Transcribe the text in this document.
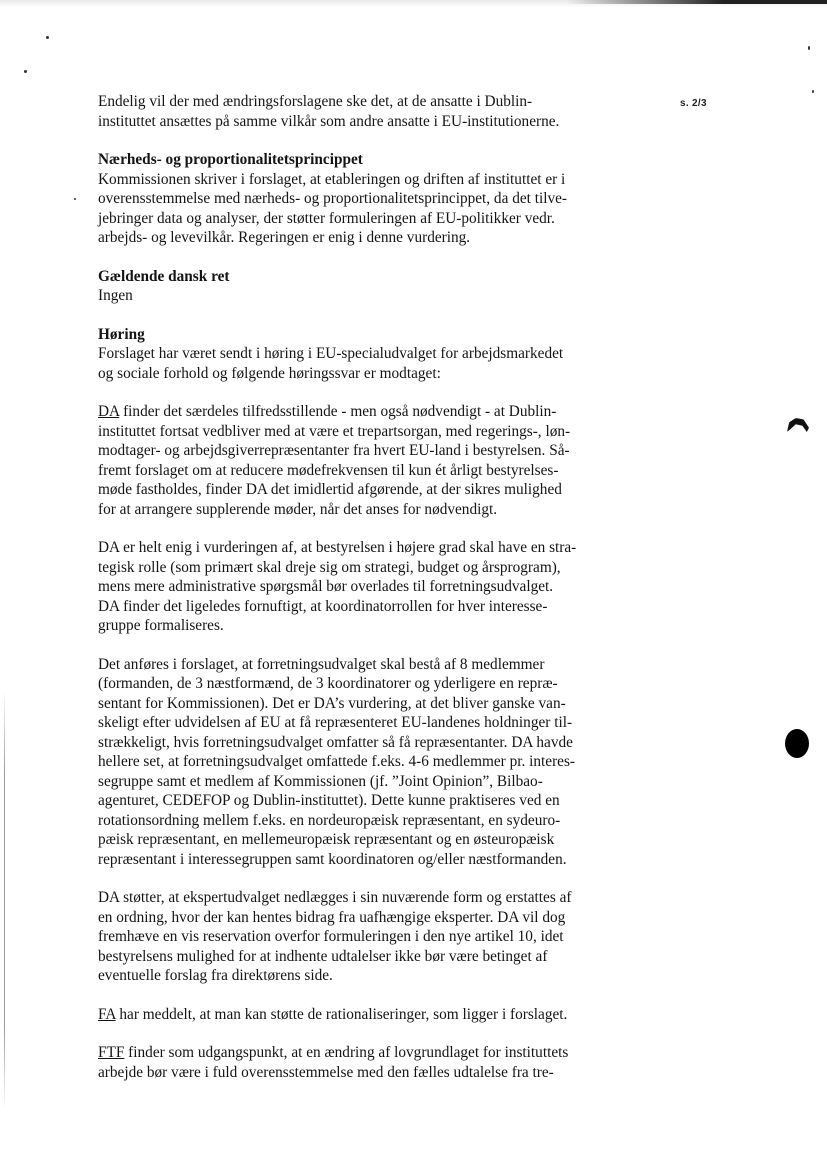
s. 2/3
Endelig vil der med ændringsforslagene ske det, at de ansatte i Dublin-
instituttet ansættes på samme vilkår som andre ansatte i EU-institutionerne.
Nærheds- og proportionalitetsprincippet
Kommissionen skriver i forslaget, at etableringen og driften af instituttet er i
overensstemmelse med nærheds- og proportionalitetsprincippet, da det tilve-
jebringer data og analyser, der støtter formuleringen af EU-politikker vedr.
arbejds- og levevilkår. Regeringen er enig i denne vurdering.
Gældende dansk ret
Ingen
Høring
Forslaget har været sendt i høring i EU-specialudvalget for arbejdsmarkedet
og sociale forhold og følgende høringssvar er modtaget:
DA finder det særdeles tilfredsstillende - men også nødvendigt - at Dublin-
instituttet fortsat vedbliver med at være et trepartsorgan, med regerings-, løn-
modtager- og arbejdsgiverrepræsentanter fra hvert EU-land i bestyrelsen. Så-
fremt forslaget om at reducere mødefrekvensen til kun ét årligt bestyrelses-
møde fastholdes, finder DA det imidlertid afgørende, at der sikres mulighed
for at arrangere supplerende møder, når det anses for nødvendigt.
DA er helt enig i vurderingen af, at bestyrelsen i højere grad skal have en stra-
tegisk rolle (som primært skal dreje sig om strategi, budget og årsprogram),
mens mere administrative spørgsmål bør overlades til forretningsudvalget.
DA finder det ligeledes fornuftigt, at koordinatorrollen for hver interesse-
gruppe formaliseres.
Det anføres i forslaget, at forretningsudvalget skal bestå af 8 medlemmer
(formanden, de 3 næstformænd, de 3 koordinatorer og yderligere en repræ-
sentant for Kommissionen). Det er DA’s vurdering, at det bliver ganske van-
skeligt efter udvidelsen af EU at få repræsenteret EU-landenes holdninger til-
strækkeligt, hvis forretningsudvalget omfatter så få repræsentanter. DA havde
hellere set, at forretningsudvalget omfattede f.eks. 4-6 medlemmer pr. interes-
segruppe samt et medlem af Kommissionen (jf. ”Joint Opinion”, Bilbao-
agenturet, CEDEFOP og Dublin-instituttet). Dette kunne praktiseres ved en
rotationsordning mellem f.eks. en nordeuropæisk repræsentant, en sydeuro-
pæisk repræsentant, en mellemeuropæisk repræsentant og en østeuropæisk
repræsentant i interessegruppen samt koordinatoren og/eller næstformanden.
DA støtter, at ekspertudvalget nedlægges i sin nuværende form og erstattes af
en ordning, hvor der kan hentes bidrag fra uafhængige eksperter. DA vil dog
fremhæve en vis reservation overfor formuleringen i den nye artikel 10, idet
bestyrelsens mulighed for at indhente udtalelser ikke bør være betinget af
eventuelle forslag fra direktørens side.
FA har meddelt, at man kan støtte de rationaliseringer, som ligger i forslaget.
FTF finder som udgangspunkt, at en ændring af lovgrundlaget for instituttets
arbejde bør være i fuld overensstemmelse med den fælles udtalelse fra tre-
